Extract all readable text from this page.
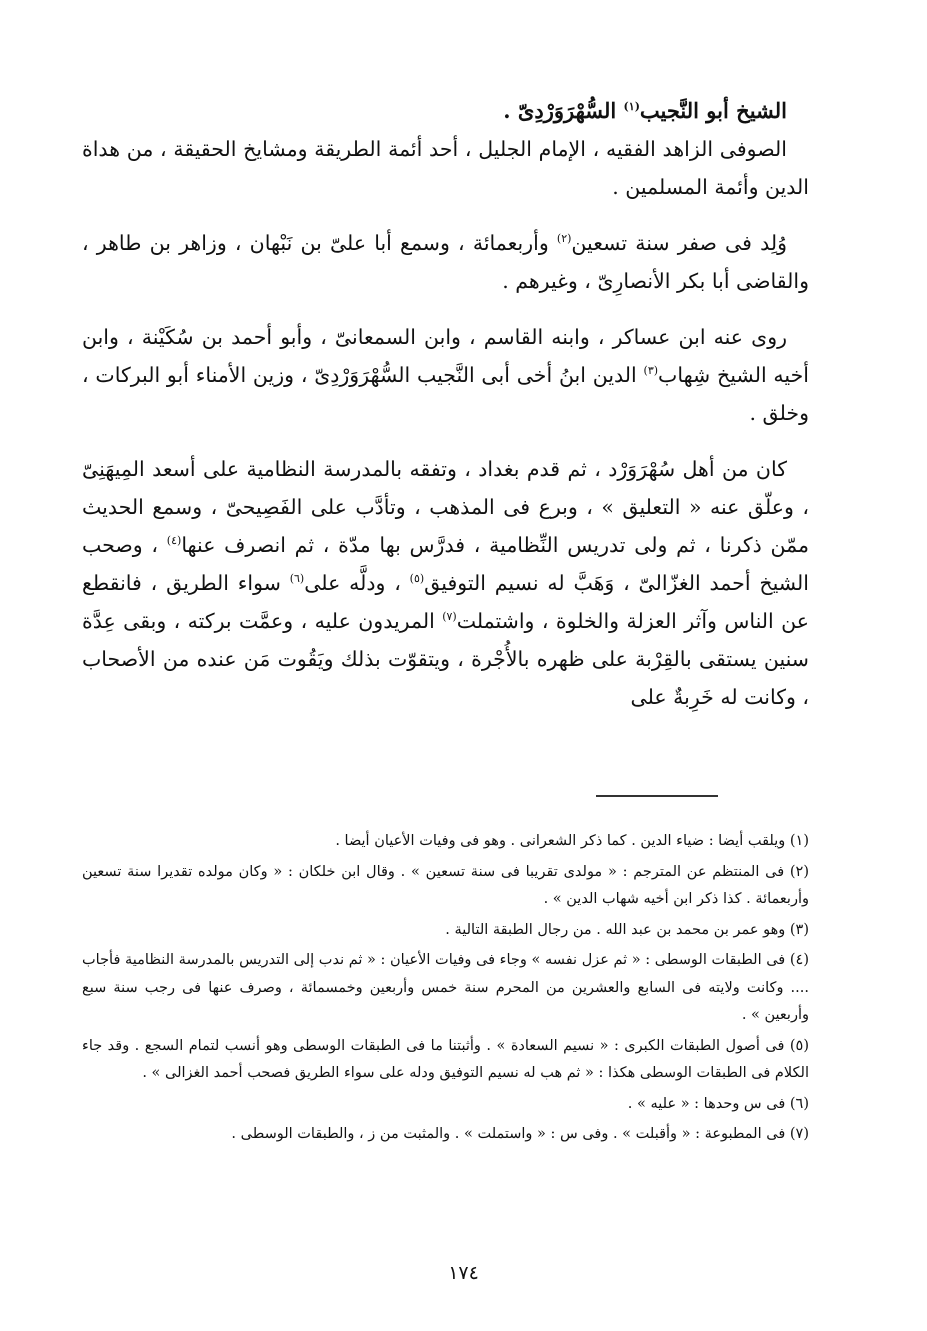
الشيخ أبو النَّجيب$^{(١)}$ السُّهْرَوَرْدِىّ .

الصوفى الزاهد الفقيه ، الإمام الجليل ، أحد أئمة الطريقة ومشايخ الحقيقة ، من هداة الدين وأئمة المسلمين .

وُلِد فى صفر سنة تسعين$^{(٢)}$ وأربعمائة ، وسمع أبا علىّ بن نَبْهان ، وزاهر بن طاهر ، والقاضى أبا بكر الأنصارِىّ ، وغيرهم .

روى عنه ابن عساكر ، وابنه القاسم ، وابن السمعانىّ ، وأبو أحمد بن سُكَيْنة ، وابن أخيه الشيخ شِهاب$^{(٣)}$ الدين ابنُ أخى أبى النَّجيب السُّهْرَوَرْدِىّ ، وزين الأمناء أبو البركات ، وخلق .

كان من أهل سُهْرَوَرْد ، ثم قدم بغداد ، وتفقه بالمدرسة النظامية على أسعد المِيهَنِىّ ، وعلّق عنه « التعليق » ، وبرع فى المذهب ، وتأدَّب على الفَصِيحىّ ، وسمع الحديث ممّن ذكرنا ، ثم ولى تدريس النِّظامية ، فدرَّس بها مدّة ، ثم انصرف عنها$^{(٤)}$ ، وصحب الشيخ أحمد الغزّالىّ ، وَهَبَّ له نسيم التوفيق$^{(٥)}$ ، ودلَّه على$^{(٦)}$ سواء الطريق ، فانقطع عن الناس وآثر العزلة والخلوة ، واشتملت$^{(٧)}$ المريدون عليه ، وعمَّت بركته ، وبقى عِدَّة سنين يستقى بالقِرْبة على ظهره بالأُجْرة ، ويتقوّت بذلك ويَقُوت مَن عنده من الأصحاب ، وكانت له خَرِبةٌ على

(١) ويلقب أيضا : ضياء الدين . كما ذكر الشعرانى . وهو فى وفيات الأعيان أيضا .

(٢) فى المنتظم عن المترجم : « مولدى تقريبا فى سنة تسعين » . وقال ابن خلكان : « وكان مولده تقديرا سنة تسعين وأربعمائة . كذا ذكر ابن أخيه شهاب الدين » .

(٣) وهو عمر بن محمد بن عبد الله . من رجال الطبقة التالية .

(٤) فى الطبقات الوسطى : « ثم عزل نفسه » وجاء فى وفيات الأعيان : « ثم ندب إلى التدريس بالمدرسة النظامية فأجاب .... وكانت ولايته فى السابع والعشرين من المحرم سنة خمس وأربعين وخمسمائة ، وصرف عنها فى رجب سنة سبع وأربعين » .

(٥) فى أصول الطبقات الكبرى : « نسيم السعادة » . وأثبتنا ما فى الطبقات الوسطى وهو أنسب لتمام السجع . وقد جاء الكلام فى الطبقات الوسطى هكذا : « ثم هب له نسيم التوفيق ودله على سواء الطريق فصحب أحمد الغزالى » .

(٦) فى س وحدها : « عليه » .

(٧) فى المطبوعة : « وأقبلت » . وفى س : « واستملت » . والمثبت من ز ، والطبقات الوسطى .

١٧٤
